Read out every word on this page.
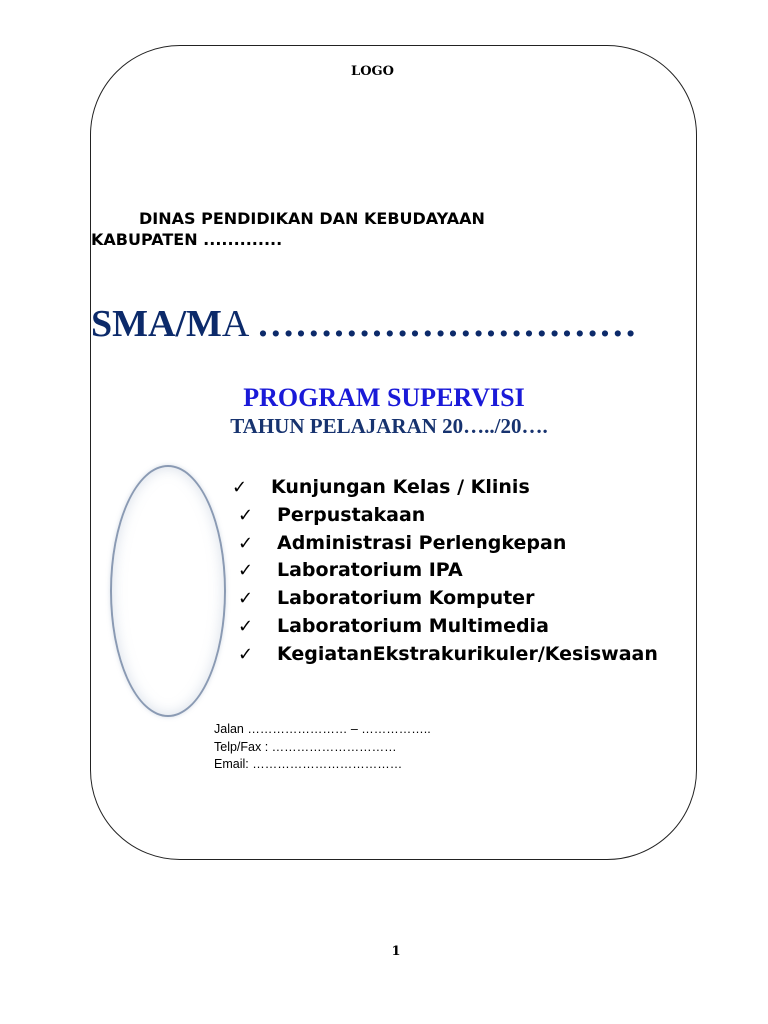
LOGO
DINAS PENDIDIKAN DAN KEBUDAYAAN
KABUPATEN .............
SMA/MA …………………………
PROGRAM SUPERVISI
TAHUN PELAJARAN 20…../20….
✓ Kunjungan Kelas / Klinis
✓ Perpustakaan
✓ Administrasi Perlengkepan
✓ Laboratorium IPA
✓ Laboratorium Komputer
✓ Laboratorium Multimedia
✓ KegiatanEkstrakurikuler/Kesiswaan
Jalan …………………… – ……………..
Telp/Fax : …………………………
Email: ………………………………
1
